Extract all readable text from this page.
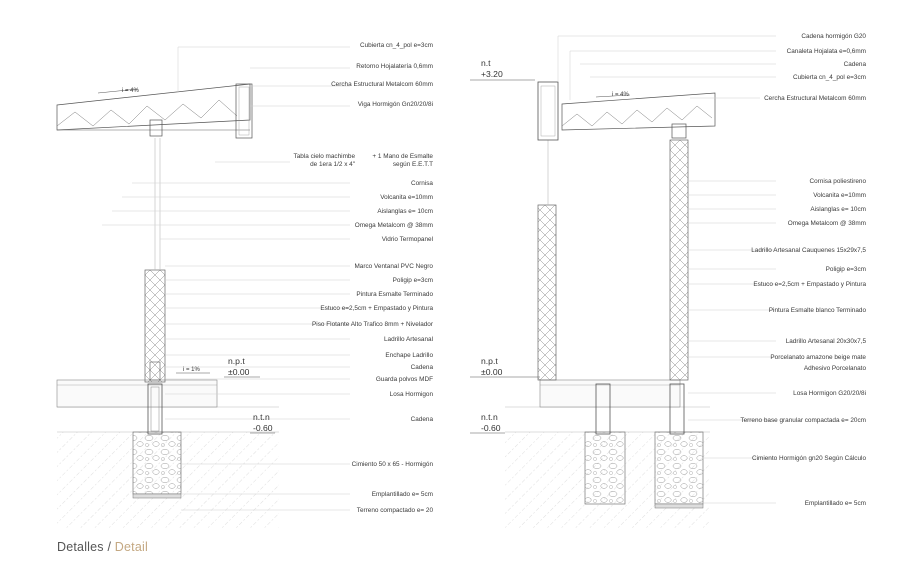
Cubierta cn_4_pol e=3cm
Retorno Hojalatería 0,6mm
Cercha Estructural Metalcom 60mm
Viga Hormigón Gn20/20/8i
Tabla cielo machimbe
de 1era 1/2 x 4"
+ 1 Mano de Esmalte
según E.E.T.T
Cornisa
Volcanita e=10mm
Aislanglas e= 10cm
Omega Metalcom @ 38mm
Vidrio Termopanel
Marco Ventanal PVC Negro
Poligip e=3cm
Pintura Esmalte Terminado
Estuco e=2,5cm + Empastado y Pintura
Piso Flotante Alto Trafico 8mm + Nivelador
Ladrillo Artesanal
Enchape Ladrillo
Cadena
Guarda polvos MDF
Losa Hormigon
Cadena
Cimiento 50 x 65 - Hormigón
Emplantillado e= 5cm
Terreno compactado e= 20
i = 4%
i = 1%
n.p.t
±0.00
n.t.n
-0.60
Cadena hormigón G20
Canaleta Hojalata e=0,6mm
Cadena
Cubierta cn_4_pol e=3cm
Cercha Estructural Metalcom 60mm
Cornisa poliestireno
Volcanita e=10mm
Aislanglas e= 10cm
Omega Metalcom @ 38mm
Ladrillo Artesanal Cauquenes 15x29x7,5
Poligip e=3cm
Estuco e=2,5cm + Empastado y Pintura
Pintura Esmalte blanco Terminado
Ladrillo Artesanal 20x30x7,5
Porcelanato amazone beige mate
Adhesivo Porcelanato
Losa Hormigon G20/20/8i
Terreno base granular compactada e= 20cm
Cimiento Hormigón gn20 Según Cálculo
Emplantillado e= 5cm
i = 4%
n.t
+3.20
n.p.t
±0.00
n.t.n
-0.60
Detalles / Detail
